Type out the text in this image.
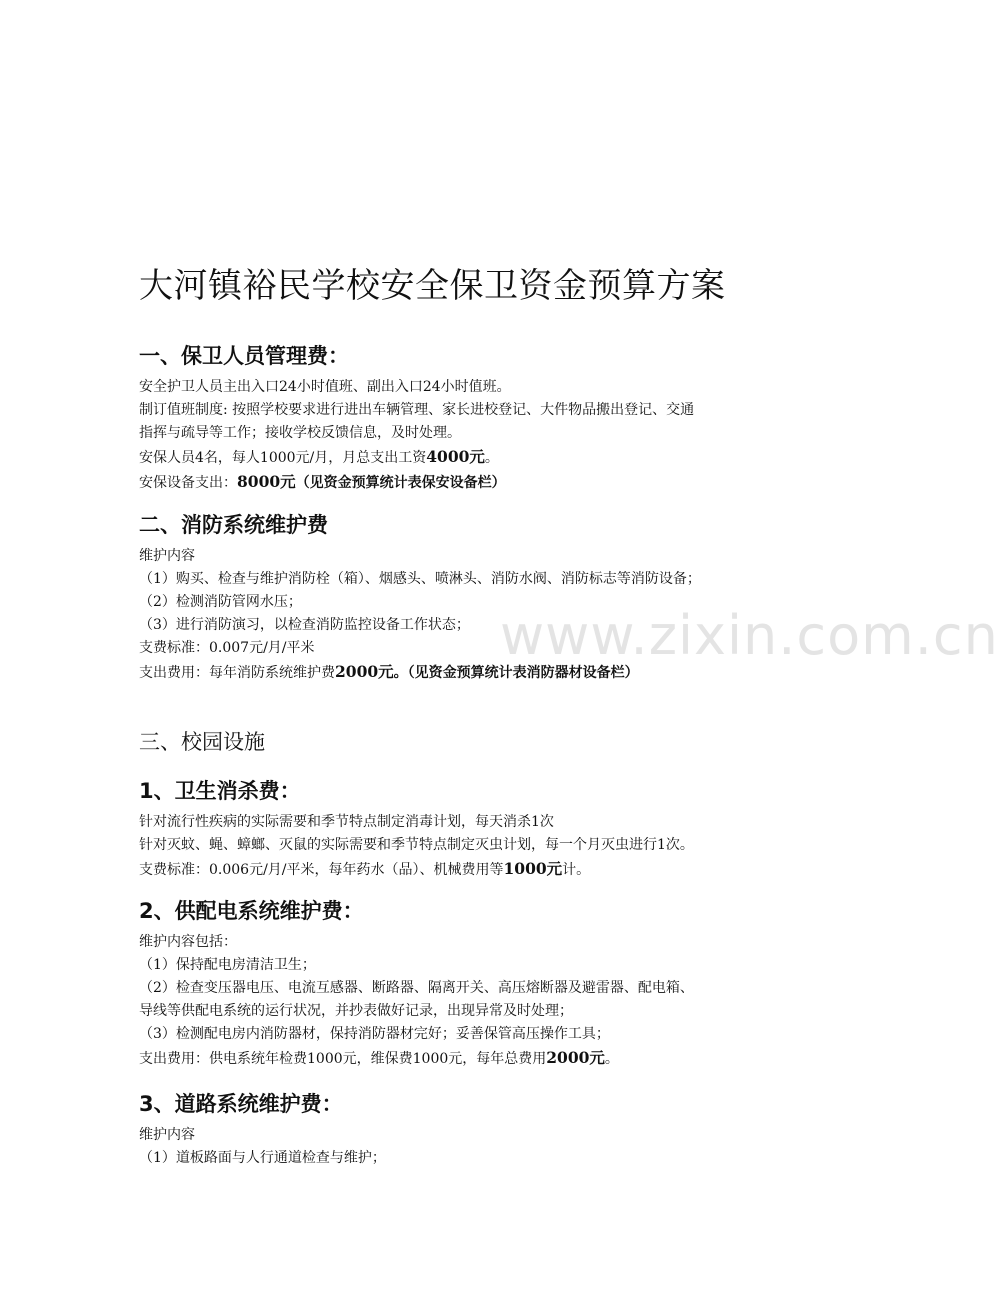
www.zixin.com.cn
大河镇裕民学校安全保卫资金预算方案
一、保卫人员管理费：
安全护卫人员主出入口24小时值班、副出入口24小时值班。
制订值班制度: 按照学校要求进行进出车辆管理、家长进校登记、大件物品搬出登记、交通
指挥与疏导等工作；接收学校反馈信息，及时处理。
安保人员4名，每人1000元/月，月总支出工资4000元。
安保设备支出：8000元（见资金预算统计表保安设备栏）
二、消防系统维护费
维护内容
（1）购买、检查与维护消防栓（箱）、烟感头、喷淋头、消防水阀、消防标志等消防设备；
（2）检测消防管网水压；
（3）进行消防演习，以检查消防监控设备工作状态；
支费标准：0.007元/月/平米
支出费用：每年消防系统维护费2000元。（见资金预算统计表消防器材设备栏）
三、校园设施
1、卫生消杀费：
针对流行性疾病的实际需要和季节特点制定消毒计划，每天消杀1次
针对灭蚊、蝇、蟑螂、灭鼠的实际需要和季节特点制定灭虫计划，每一个月灭虫进行1次。
支费标准：0.006元/月/平米，每年药水（品）、机械费用等1000元计。
2、供配电系统维护费：
维护内容包括：
（1）保持配电房清洁卫生；
（2）检查变压器电压、电流互感器、断路器、隔离开关、高压熔断器及避雷器、配电箱、
导线等供配电系统的运行状况，并抄表做好记录，出现异常及时处理；
（3）检测配电房内消防器材，保持消防器材完好；妥善保管高压操作工具；
支出费用：供电系统年检费1000元，维保费1000元，每年总费用2000元。
3、道路系统维护费：
维护内容
（1）道板路面与人行通道检查与维护；
